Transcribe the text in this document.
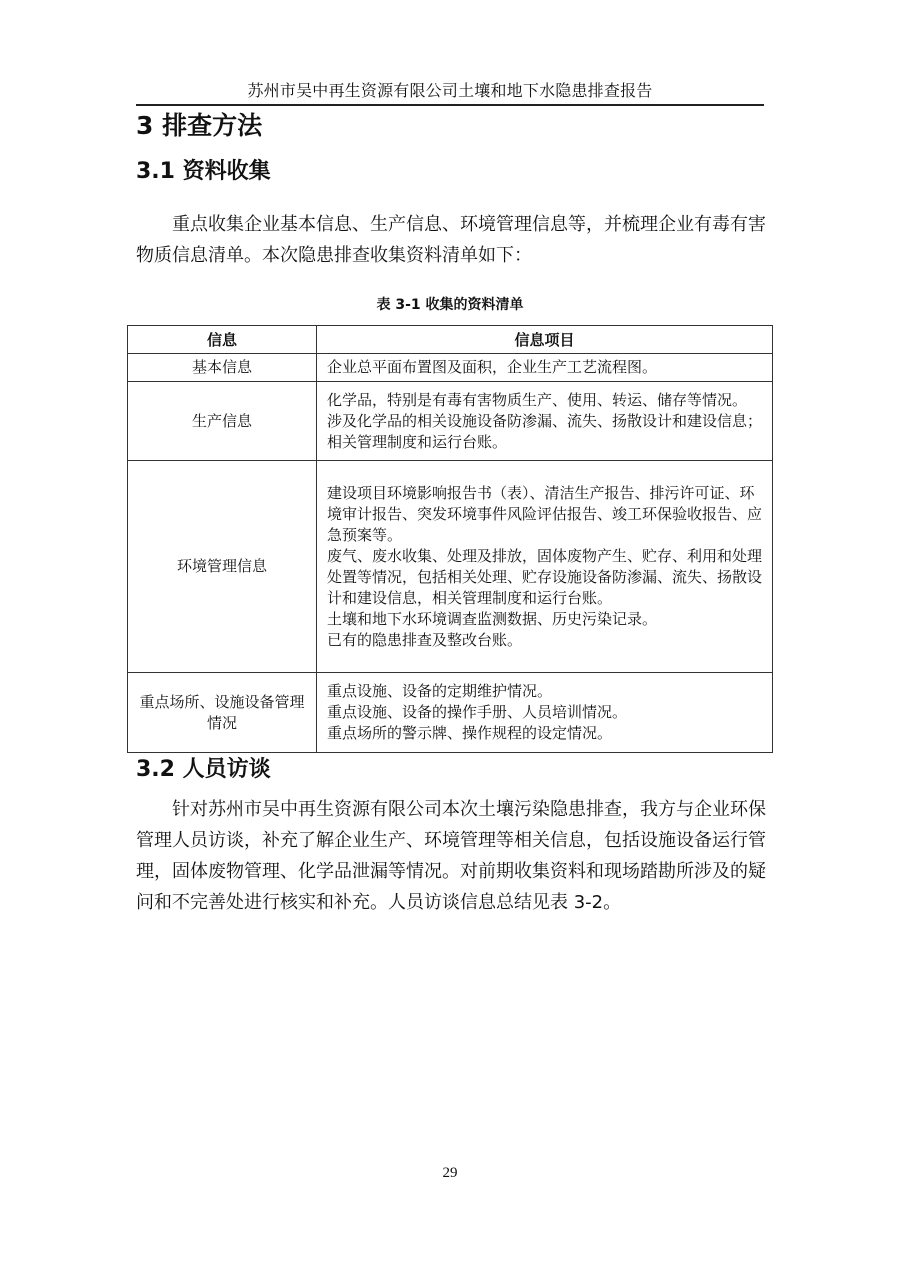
苏州市吴中再生资源有限公司土壤和地下水隐患排查报告
3 排查方法
3.1 资料收集

重点收集企业基本信息、生产信息、环境管理信息等，并梳理企业有毒有害物质信息清单。本次隐患排查收集资料清单如下：

表 3-1 收集的资料清单
信息	信息项目
基本信息	企业总平面布置图及面积，企业生产工艺流程图。

生产信息	化学品，特别是有毒有害物质生产、使用、转运、储存等情况。
涉及化学品的相关设施设备防渗漏、流失、扬散设计和建设信息；相关管理制度和运行台账。

环境管理信息	建设项目环境影响报告书（表）、清洁生产报告、排污许可证、环境审计报告、突发环境事件风险评估报告、竣工环保验收报告、应急预案等。
废气、废水收集、处理及排放，固体废物产生、贮存、利用和处理处置等情况，包括相关处理、贮存设施设备防渗漏、流失、扬散设计和建设信息，相关管理制度和运行台账。
土壤和地下水环境调查监测数据、历史污染记录。
已有的隐患排查及整改台账。

重点场所、设施设备管理情况	重点设施、设备的定期维护情况。
重点设施、设备的操作手册、人员培训情况。
重点场所的警示牌、操作规程的设定情况。
3.2 人员访谈

针对苏州市吴中再生资源有限公司本次土壤污染隐患排查，我方与企业环保管理人员访谈，补充了解企业生产、环境管理等相关信息，包括设施设备运行管理，固体废物管理、化学品泄漏等情况。对前期收集资料和现场踏勘所涉及的疑问和不完善处进行核实和补充。人员访谈信息总结见表 3-2。

29
